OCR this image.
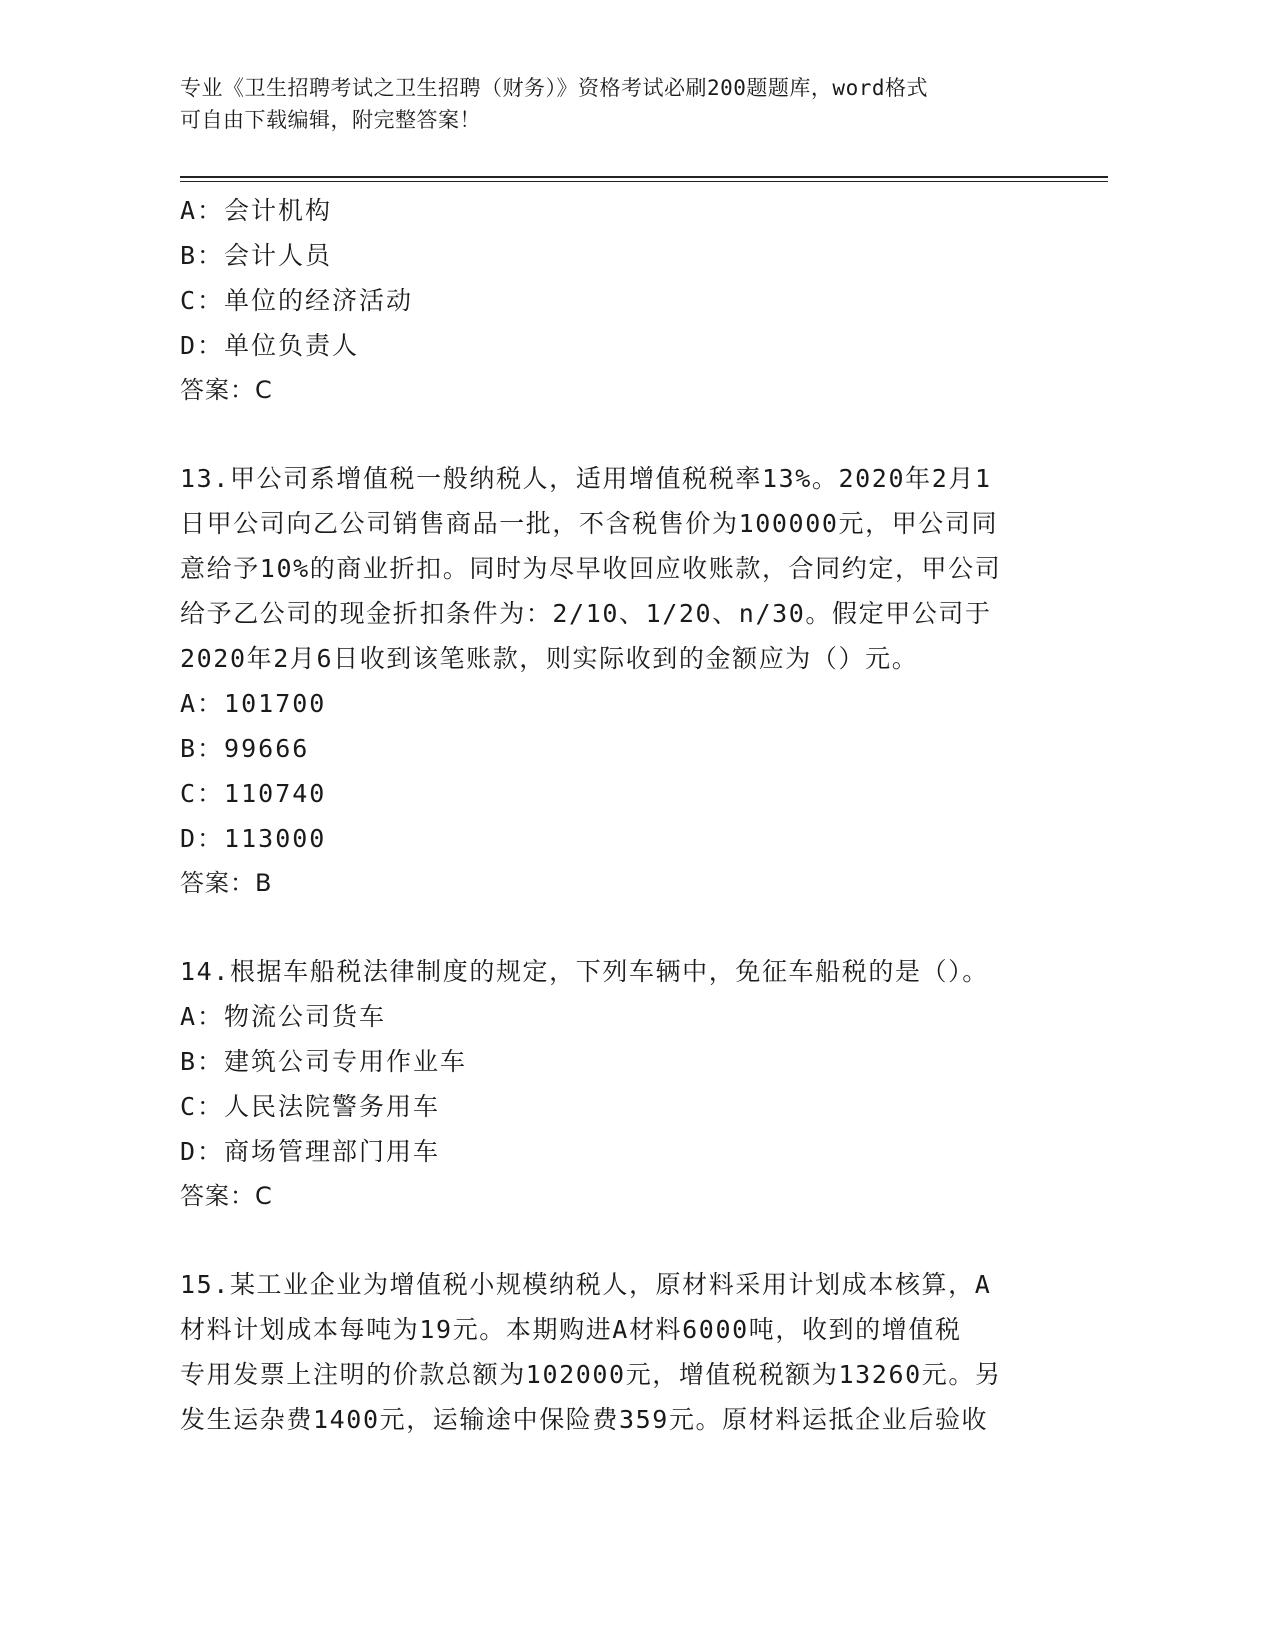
专业《卫生招聘考试之卫生招聘（财务）》资格考试必刷200题题库，word格式
可自由下载编辑，附完整答案！
A：会计机构
B：会计人员
C：单位的经济活动
D：单位负责人
答案：C
13.甲公司系增值税一般纳税人，适用增值税税率13%。2020年2月1
日甲公司向乙公司销售商品一批，不含税售价为100000元，甲公司同
意给予10%的商业折扣。同时为尽早收回应收账款，合同约定，甲公司
给予乙公司的现金折扣条件为：2/10、1/20、n/30。假定甲公司于
2020年2月6日收到该笔账款，则实际收到的金额应为（）元。
A：101700
B：99666
C：110740
D：113000
答案：B
14.根据车船税法律制度的规定，下列车辆中，免征车船税的是（）。
A：物流公司货车
B：建筑公司专用作业车
C：人民法院警务用车
D：商场管理部门用车
答案：C
15.某工业企业为增值税小规模纳税人，原材料采用计划成本核算，A
材料计划成本每吨为19元。本期购进A材料6000吨，收到的增值税
专用发票上注明的价款总额为102000元，增值税税额为13260元。另
发生运杂费1400元，运输途中保险费359元。原材料运抵企业后验收
